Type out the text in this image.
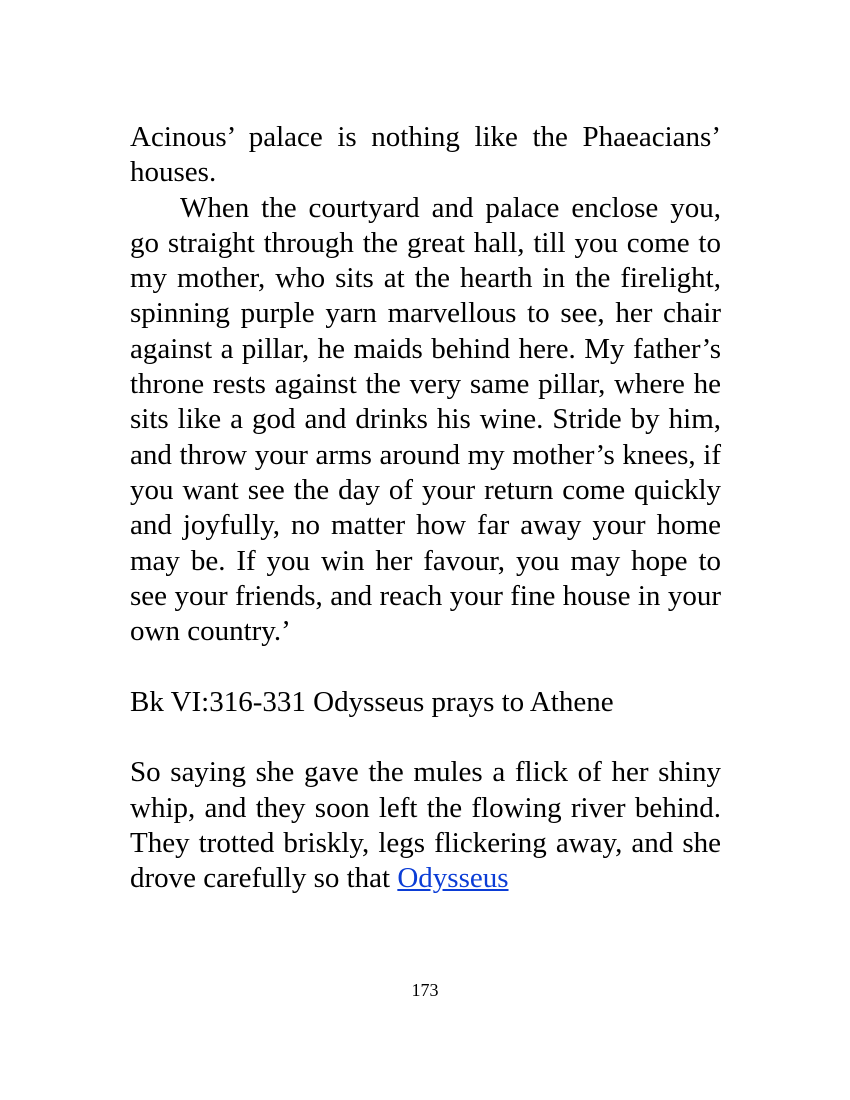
Acinous’ palace is nothing like the Phaeacians’ houses.

When the courtyard and palace enclose you, go straight through the great hall, till you come to my mother, who sits at the hearth in the firelight, spinning purple yarn marvellous to see, her chair against a pillar, he maids behind here. My father’s throne rests against the very same pillar, where he sits like a god and drinks his wine. Stride by him, and throw your arms around my mother’s knees, if you want see the day of your return come quickly and joyfully, no matter how far away your home may be. If you win her favour, you may hope to see your friends, and reach your fine house in your own country.’

Bk VI:316-331 Odysseus prays to Athene

So saying she gave the mules a flick of her shiny whip, and they soon left the flowing river behind. They trotted briskly, legs flickering away, and she drove carefully so that Odysseus

173
